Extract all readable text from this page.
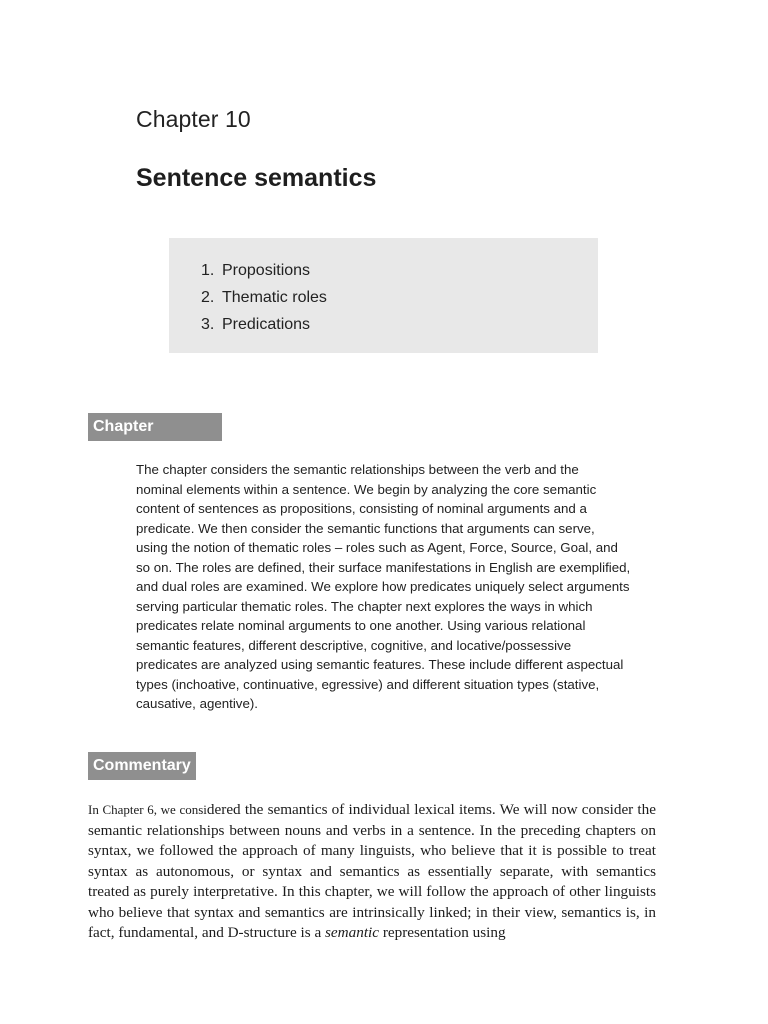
Chapter 10
Sentence semantics
1. Propositions
2. Thematic roles
3. Predications
Chapter preview

The chapter considers the semantic relationships between the verb and the
nominal elements within a sentence. We begin by analyzing the core semantic
content of sentences as propositions, consisting of nominal arguments and a
predicate. We then consider the semantic functions that arguments can serve,
using the notion of thematic roles – roles such as Agent, Force, Source, Goal, and
so on. The roles are defined, their surface manifestations in English are exemplified,
and dual roles are examined. We explore how predicates uniquely select arguments
serving particular thematic roles. The chapter next explores the ways in which
predicates relate nominal arguments to one another. Using various relational
semantic features, different descriptive, cognitive, and locative/possessive
predicates are analyzed using semantic features. These include different aspectual
types (inchoative, continuative, egressive) and different situation types (stative,
causative, agentive).

Commentary

In Chapter 6, we considered the semantics of individual lexical items. We will now consider the semantic relationships between nouns and verbs in a sentence. In the preceding chapters on syntax, we followed the approach of many linguists, who believe that it is possible to treat syntax as autonomous, or syntax and semantics as essentially separate, with semantics treated as purely interpretative. In this chapter, we will follow the approach of other linguists who believe that syntax and semantics are intrinsically linked; in their view, semantics is, in fact, fundamental, and D-structure is a semantic representation using
